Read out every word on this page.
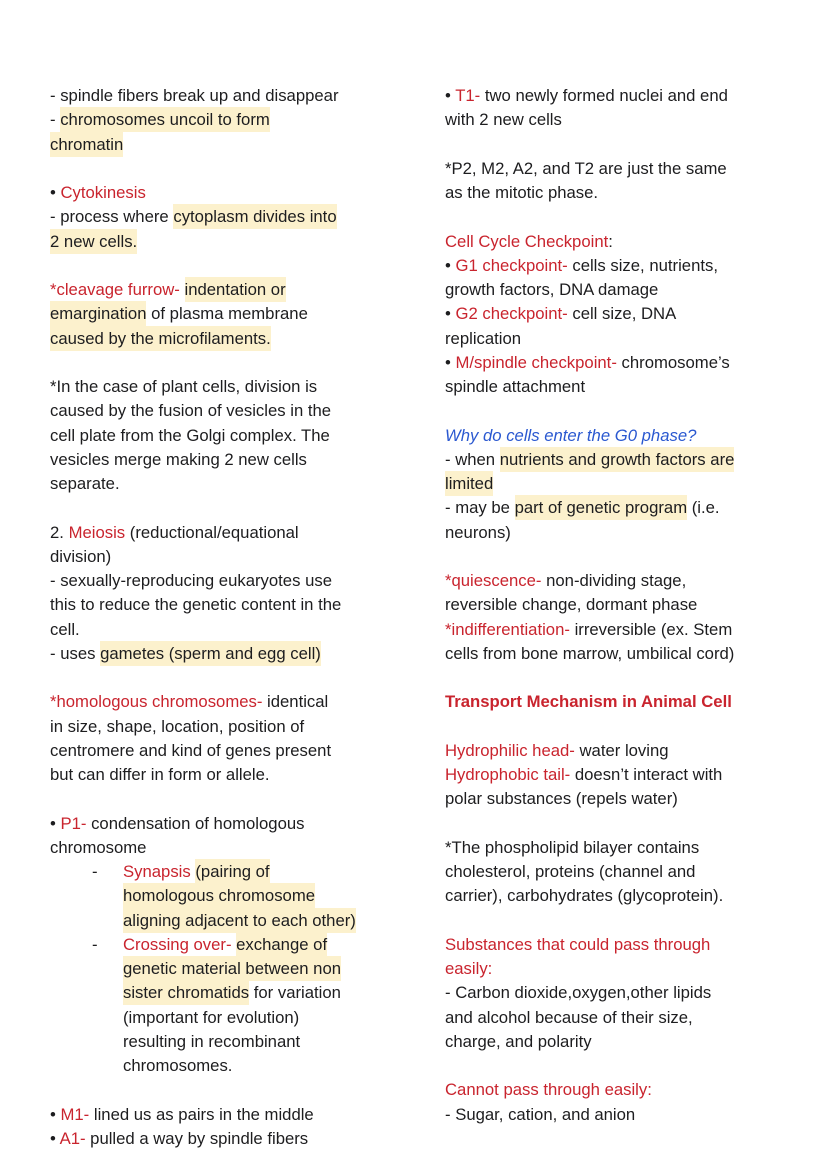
- spindle fibers break up and disappear
- chromosomes uncoil to form
chromatin

• Cytokinesis
- process where cytoplasm divides into
2 new cells.

*cleavage furrow- indentation or
emargination of plasma membrane
caused by the microfilaments.

*In the case of plant cells, division is
caused by the fusion of vesicles in the
cell plate from the Golgi complex. The
vesicles merge making 2 new cells
separate.

2. Meiosis (reductional/equational
division)
- sexually-reproducing eukaryotes use
this to reduce the genetic content in the
cell.
- uses gametes (sperm and egg cell)

*homologous chromosomes- identical
in size, shape, location, position of
centromere and kind of genes present
but can differ in form or allele.

• P1- condensation of homologous
chromosome
- Synapsis (pairing of
homologous chromosome
aligning adjacent to each other)
- Crossing over- exchange of
genetic material between non
sister chromatids for variation
(important for evolution)
resulting in recombinant
chromosomes.

• M1- lined us as pairs in the middle
• A1- pulled a way by spindle fibers
• T1- two newly formed nuclei and end
with 2 new cells

*P2, M2, A2, and T2 are just the same
as the mitotic phase.

Cell Cycle Checkpoint:
• G1 checkpoint- cells size, nutrients,
growth factors, DNA damage
• G2 checkpoint- cell size, DNA
replication
• M/spindle checkpoint- chromosome’s
spindle attachment

Why do cells enter the G0 phase?
- when nutrients and growth factors are
limited
- may be part of genetic program (i.e.
neurons)

*quiescence- non-dividing stage,
reversible change, dormant phase
*indifferentiation- irreversible (ex. Stem
cells from bone marrow, umbilical cord)

Transport Mechanism in Animal Cell

Hydrophilic head- water loving
Hydrophobic tail- doesn’t interact with
polar substances (repels water)

*The phospholipid bilayer contains
cholesterol, proteins (channel and
carrier), carbohydrates (glycoprotein).

Substances that could pass through
easily:
- Carbon dioxide,oxygen,other lipids
and alcohol because of their size,
charge, and polarity

Cannot pass through easily:
- Sugar, cation, and anion
